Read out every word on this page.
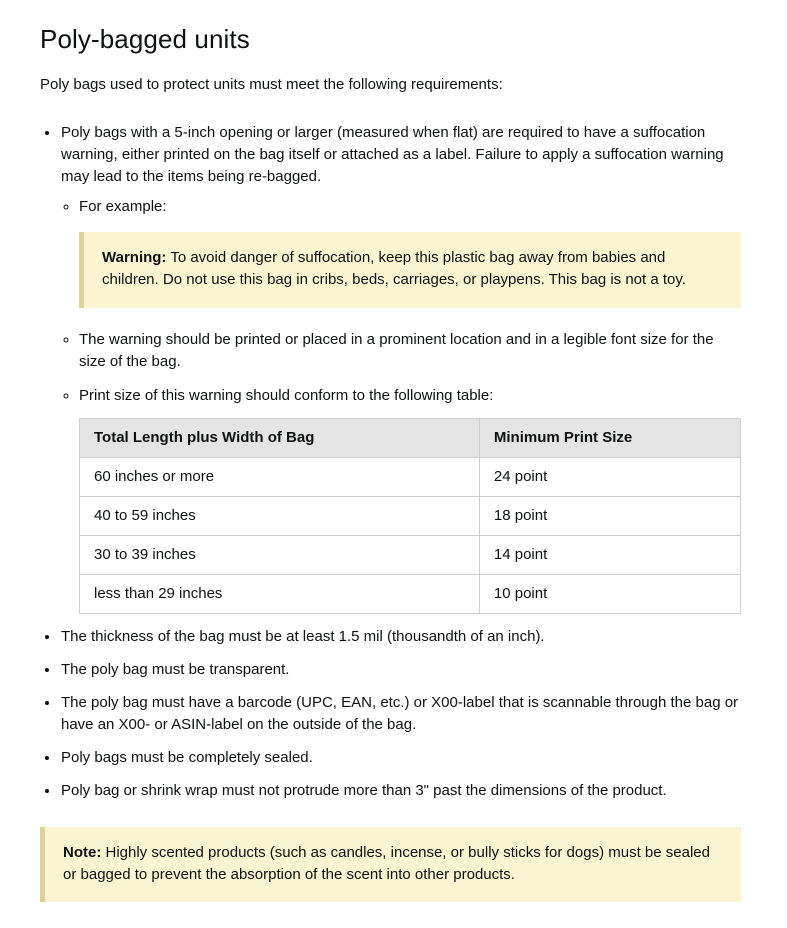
Poly-bagged units

Poly bags used to protect units must meet the following requirements:

• Poly bags with a 5-inch opening or larger (measured when flat) are required to have a suffocation warning, either printed on the bag itself or attached as a label. Failure to apply a suffocation warning may lead to the items being re-bagged.
◦ For example:
Warning: To avoid danger of suffocation, keep this plastic bag away from babies and children. Do not use this bag in cribs, beds, carriages, or playpens. This bag is not a toy.
◦ The warning should be printed or placed in a prominent location and in a legible font size for the size of the bag.
◦ Print size of this warning should conform to the following table:
Total Length plus Width of Bag	Minimum Print Size
60 inches or more	24 point
40 to 59 inches	18 point
30 to 39 inches	14 point
less than 29 inches	10 point
• The thickness of the bag must be at least 1.5 mil (thousandth of an inch).
• The poly bag must be transparent.
• The poly bag must have a barcode (UPC, EAN, etc.) or X00-label that is scannable through the bag or have an X00- or ASIN-label on the outside of the bag.
• Poly bags must be completely sealed.
• Poly bag or shrink wrap must not protrude more than 3" past the dimensions of the product.
Note: Highly scented products (such as candles, incense, or bully sticks for dogs) must be sealed or bagged to prevent the absorption of the scent into other products.
